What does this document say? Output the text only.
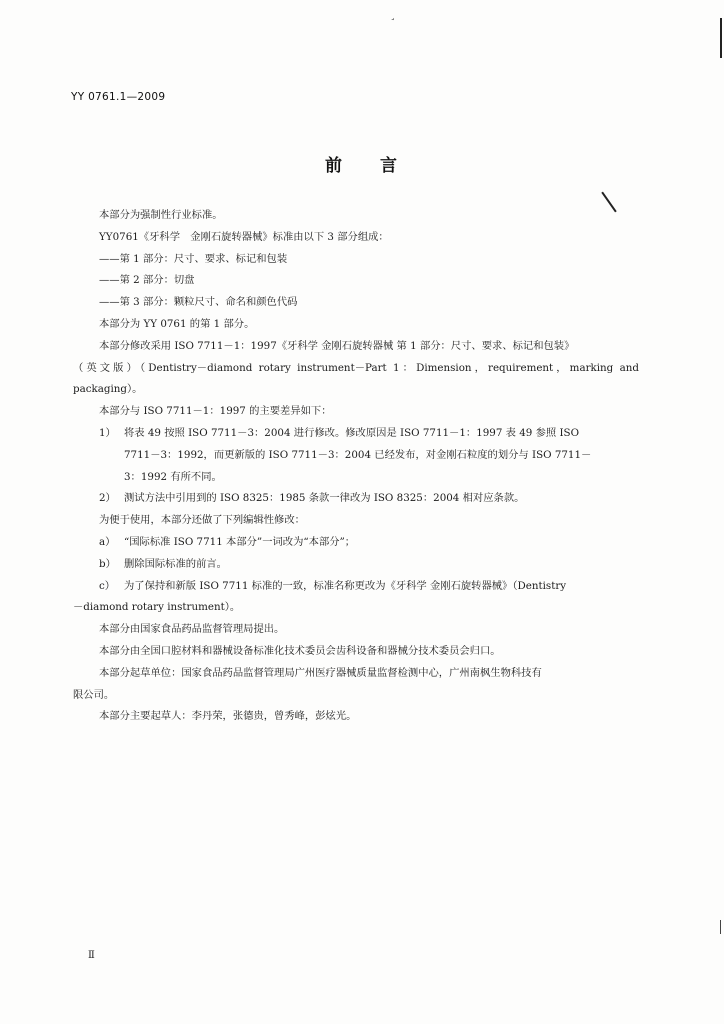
ˇ
YY 0761.1—2009
前 言
本部分为强制性行业标准。
YY0761《牙科学　金刚石旋转器械》标准由以下 3 部分组成：
——第 1 部分：尺寸、要求、标记和包装
——第 2 部分：切盘
——第 3 部分：颗粒尺寸、命名和颜色代码
本部分为 YY 0761 的第 1 部分。
本部分修改采用 ISO 7711－1：1997《牙科学 金刚石旋转器械 第 1 部分：尺寸、要求、标记和包装》
（英文版）（Dentistry－diamond rotary instrument－Part 1：Dimension，requirement，marking and
packaging）。
本部分与 ISO 7711－1：1997 的主要差异如下：
1） 将表 49 按照 ISO 7711－3：2004 进行修改。修改原因是 ISO 7711－1：1997 表 49 参照 ISO
7711－3：1992，而更新版的 ISO 7711－3：2004 已经发布，对金刚石粒度的划分与 ISO 7711－
3：1992 有所不同。
2） 测试方法中引用到的 ISO 8325：1985 条款一律改为 ISO 8325：2004 相对应条款。
为便于使用，本部分还做了下列编辑性修改：
a） “国际标准 ISO 7711 本部分”一词改为“本部分”；
b） 删除国际标准的前言。
c） 为了保持和新版 ISO 7711 标准的一致，标准名称更改为《牙科学 金刚石旋转器械》（Dentistry
－diamond rotary instrument）。
本部分由国家食品药品监督管理局提出。
本部分由全国口腔材料和器械设备标准化技术委员会齿科设备和器械分技术委员会归口。
本部分起草单位：国家食品药品监督管理局广州医疗器械质量监督检测中心，广州南枫生物科技有
限公司。
本部分主要起草人：李丹荣，张德贵，曾秀峰，彭炫光。
Ⅱ
